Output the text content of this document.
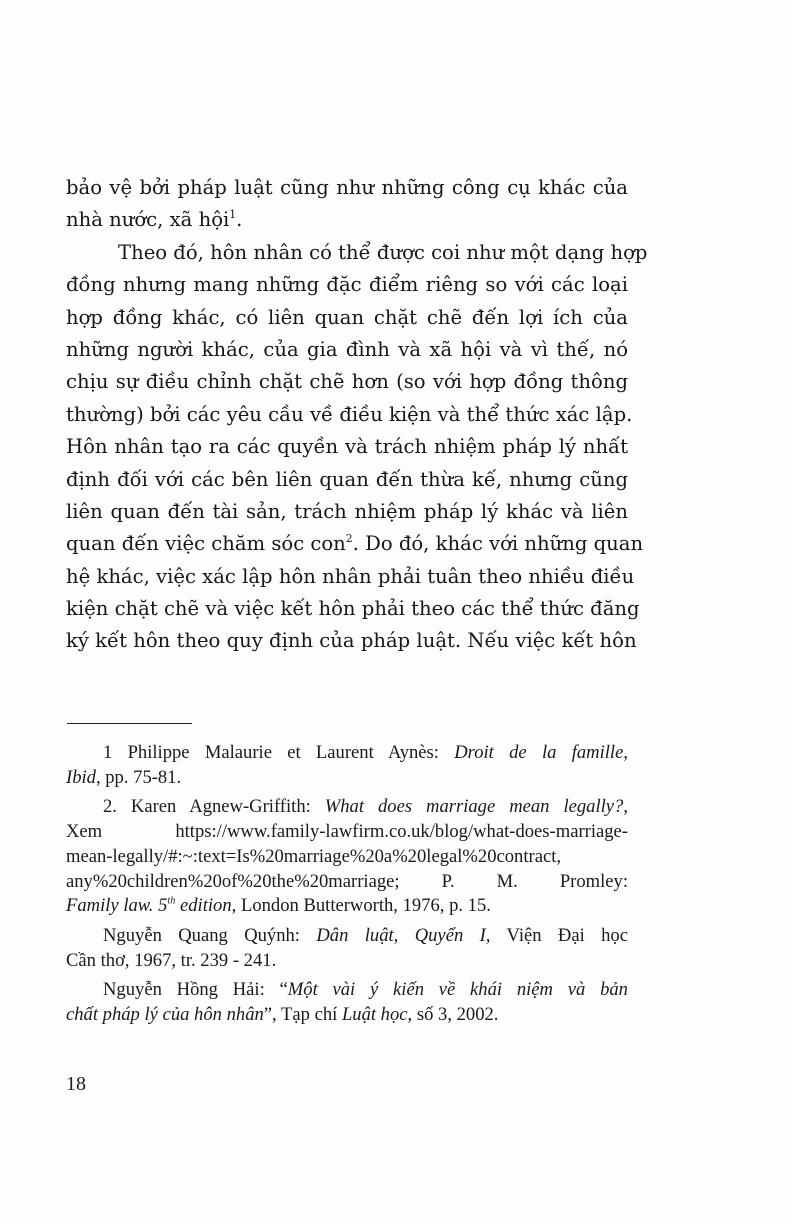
bảo vệ bởi pháp luật cũng như những công cụ khác của
nhà nước, xã hội$^1$.
Theo đó, hôn nhân có thể được coi như một dạng hợp
đồng nhưng mang những đặc điểm riêng so với các loại
hợp đồng khác, có liên quan chặt chẽ đến lợi ích của
những người khác, của gia đình và xã hội và vì thế, nó
chịu sự điều chỉnh chặt chẽ hơn (so với hợp đồng thông
thường) bởi các yêu cầu về điều kiện và thể thức xác lập.
Hôn nhân tạo ra các quyền và trách nhiệm pháp lý nhất
định đối với các bên liên quan đến thừa kế, nhưng cũng
liên quan đến tài sản, trách nhiệm pháp lý khác và liên
quan đến việc chăm sóc con$^2$. Do đó, khác với những quan
hệ khác, việc xác lập hôn nhân phải tuân theo nhiều điều
kiện chặt chẽ và việc kết hôn phải theo các thể thức đăng
ký kết hôn theo quy định của pháp luật. Nếu việc kết hôn
1 Philippe Malaurie et Laurent Aynès: Droit de la famille,
Ibid, pp. 75-81.
2. Karen Agnew-Griffith: What does marriage mean legally?,
Xem https://www.family-lawfirm.co.uk/blog/what-does-marriage-
mean-legally/#:~:text=Is%20marriage%20a%20legal%20contract,
any%20children%20of%20the%20marriage; P. M. Promley:
Family law. 5th edition, London Butterworth, 1976, p. 15.
Nguyễn Quang Quýnh: Dân luật, Quyển I, Viện Đại học
Cần thơ, 1967, tr. 239 - 241.
Nguyễn Hồng Hải: “Một vài ý kiến về khái niệm và bản
chất pháp lý của hôn nhân”, Tạp chí Luật học, số 3, 2002.
18
